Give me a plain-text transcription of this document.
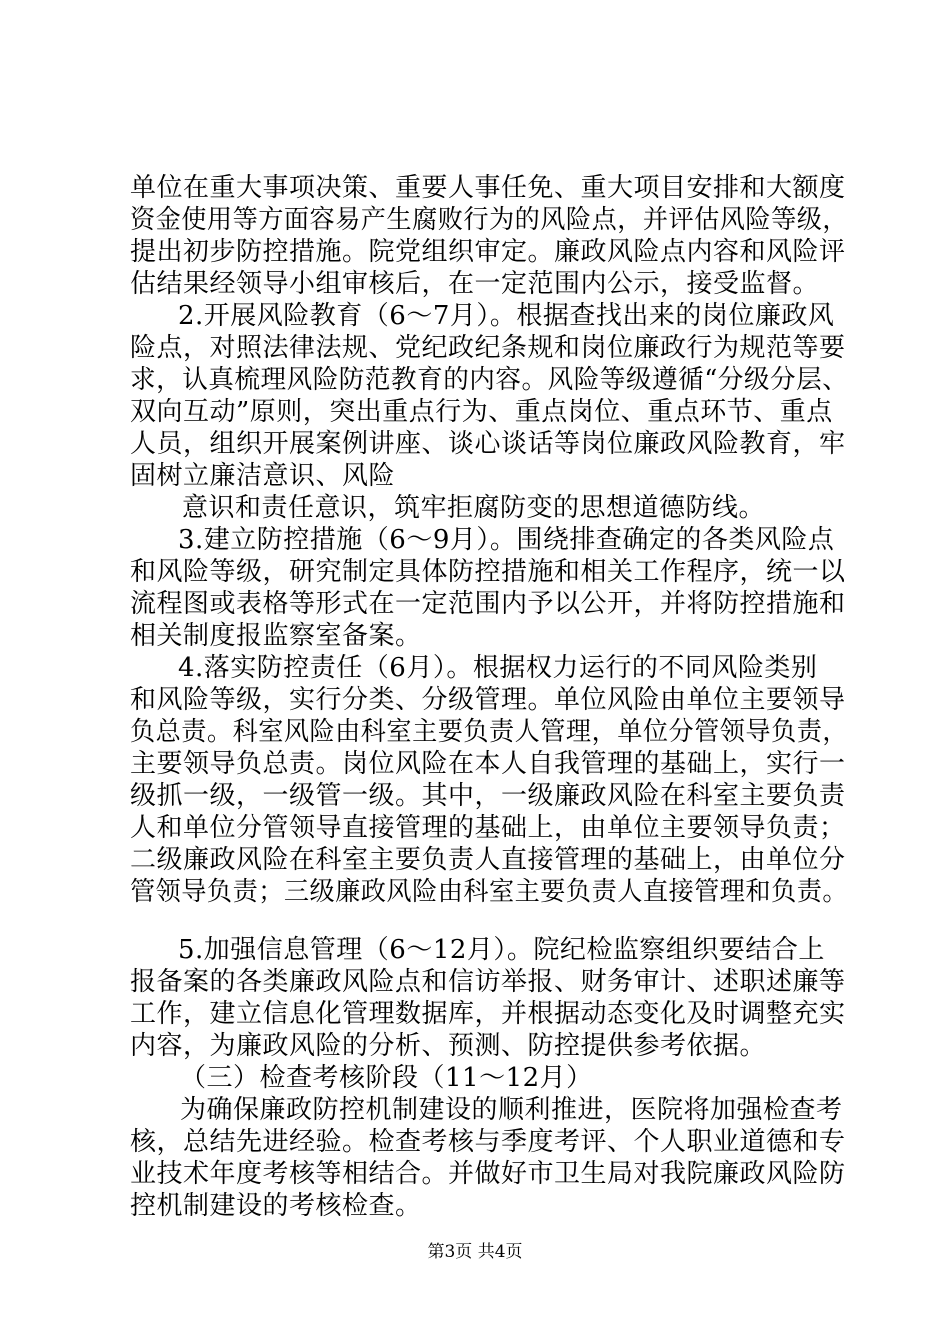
单位在重大事项决策、重要人事任免、重大项目安排和大额度
资金使用等方面容易产生腐败行为的风险点，并评估风险等级，
提出初步防控措施。院党组织审定。廉政风险点内容和风险评
估结果经领导小组审核后，在一定范围内公示，接受监督。
2.开展风险教育（6～7月）。根据查找出来的岗位廉政风
险点，对照法律法规、党纪政纪条规和岗位廉政行为规范等要
求，认真梳理风险防范教育的内容。风险等级遵循“分级分层、
双向互动”原则，突出重点行为、重点岗位、重点环节、重点
人员，组织开展案例讲座、谈心谈话等岗位廉政风险教育，牢
固树立廉洁意识、风险
意识和责任意识，筑牢拒腐防变的思想道德防线。
3.建立防控措施（6～9月）。围绕排查确定的各类风险点
和风险等级，研究制定具体防控措施和相关工作程序，统一以
流程图或表格等形式在一定范围内予以公开，并将防控措施和
相关制度报监察室备案。
4.落实防控责任（6月）。根据权力运行的不同风险类别
和风险等级，实行分类、分级管理。单位风险由单位主要领导
负总责。科室风险由科室主要负责人管理，单位分管领导负责，
主要领导负总责。岗位风险在本人自我管理的基础上，实行一
级抓一级，一级管一级。其中，一级廉政风险在科室主要负责
人和单位分管领导直接管理的基础上，由单位主要领导负责；
二级廉政风险在科室主要负责人直接管理的基础上，由单位分
管领导负责；三级廉政风险由科室主要负责人直接管理和负责。
5.加强信息管理（6～12月）。院纪检监察组织要结合上
报备案的各类廉政风险点和信访举报、财务审计、述职述廉等
工作，建立信息化管理数据库，并根据动态变化及时调整充实
内容，为廉政风险的分析、预测、防控提供参考依据。
（三）检查考核阶段（11～12月）
为确保廉政防控机制建设的顺利推进，医院将加强检查考
核，总结先进经验。检查考核与季度考评、个人职业道德和专
业技术年度考核等相结合。并做好市卫生局对我院廉政风险防
控机制建设的考核检查。
第3页 共4页
